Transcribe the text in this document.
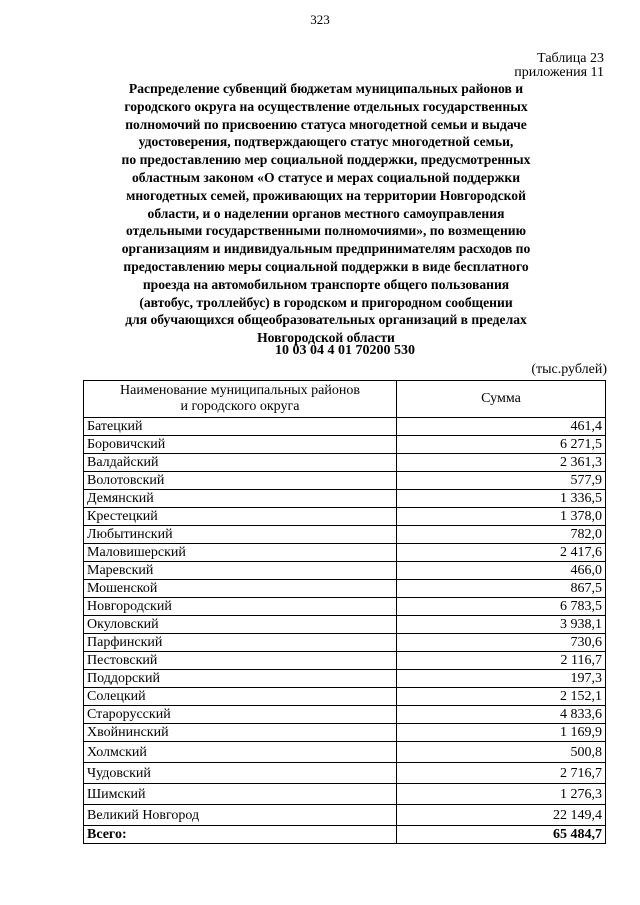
323
Таблица 23
приложения 11
Распределение субвенций бюджетам муниципальных районов и
городского округа на осуществление отдельных государственных
полномочий по присвоению статуса многодетной семьи и выдаче
удостоверения, подтверждающего статус многодетной семьи,
по предоставлению мер социальной поддержки, предусмотренных
областным законом «О статусе и мерах социальной поддержки
многодетных семей, проживающих на территории Новгородской
области, и о наделении органов местного самоуправления
отдельными государственными полномочиями», по возмещению
организациям и индивидуальным предпринимателям расходов по
предоставлению меры социальной поддержки в виде бесплатного
проезда на автомобильном транспорте общего пользования
(автобус, троллейбус) в городском и пригородном сообщении
для обучающихся общеобразовательных организаций в пределах
Новгородской области
10 03 04 4 01 70200 530
(тыс.рублей)
Наименование муниципальных районов
и городского округа	Сумма
Батецкий	461,4
Боровичский	6 271,5
Валдайский	2 361,3
Волотовский	577,9
Демянский	1 336,5
Крестецкий	1 378,0
Любытинский	782,0
Маловишерский	2 417,6
Маревский	466,0
Мошенской	867,5
Новгородский	6 783,5
Окуловский	3 938,1
Парфинский	730,6
Пестовский	2 116,7
Поддорский	197,3
Солецкий	2 152,1
Старорусский	4 833,6
Хвойнинский	1 169,9
Холмский	500,8
Чудовский	2 716,7
Шимский	1 276,3
Великий Новгород	22 149,4
Всего:	65 484,7
